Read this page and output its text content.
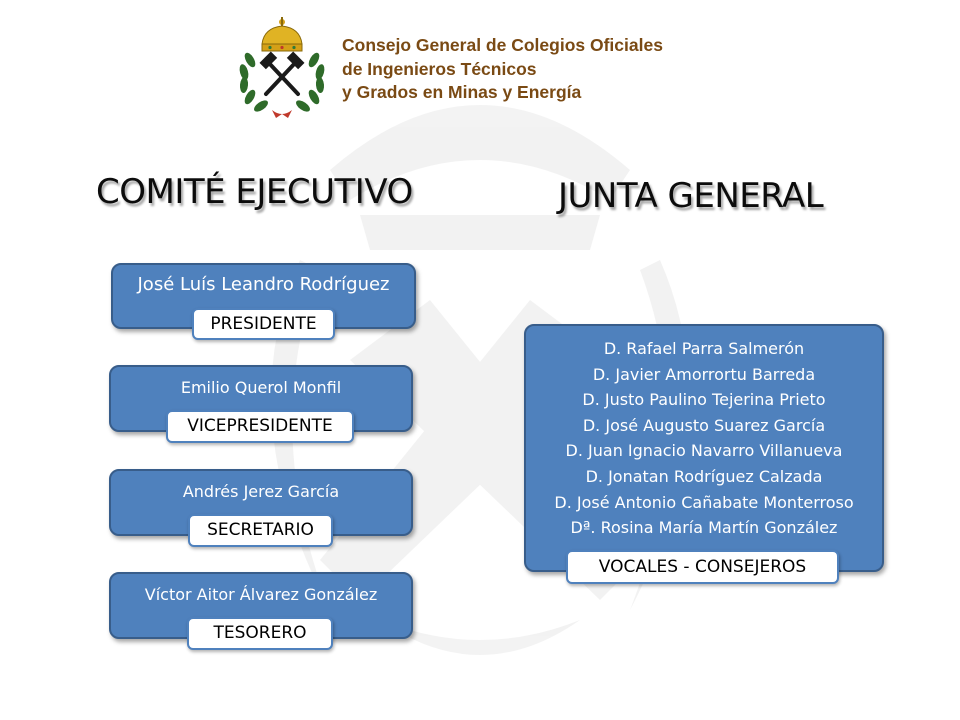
Consejo General de Colegios Oficiales
de Ingenieros Técnicos
y Grados en Minas y Energía
COMITÉ EJECUTIVO	JUNTA GENERAL
José Luís Leandro Rodríguez
PRESIDENTE
Emilio Querol Monfil
VICEPRESIDENTE
Andrés Jerez García
SECRETARIO
Víctor Aitor Álvarez González
TESORERO
D. Rafael Parra Salmerón
D. Javier Amorrortu Barreda
D. Justo Paulino Tejerina Prieto
D. José Augusto Suarez García
D. Juan Ignacio Navarro Villanueva
D. Jonatan Rodríguez Calzada
D. José Antonio Cañabate Monterroso
Dª. Rosina María Martín González
VOCALES - CONSEJEROS
